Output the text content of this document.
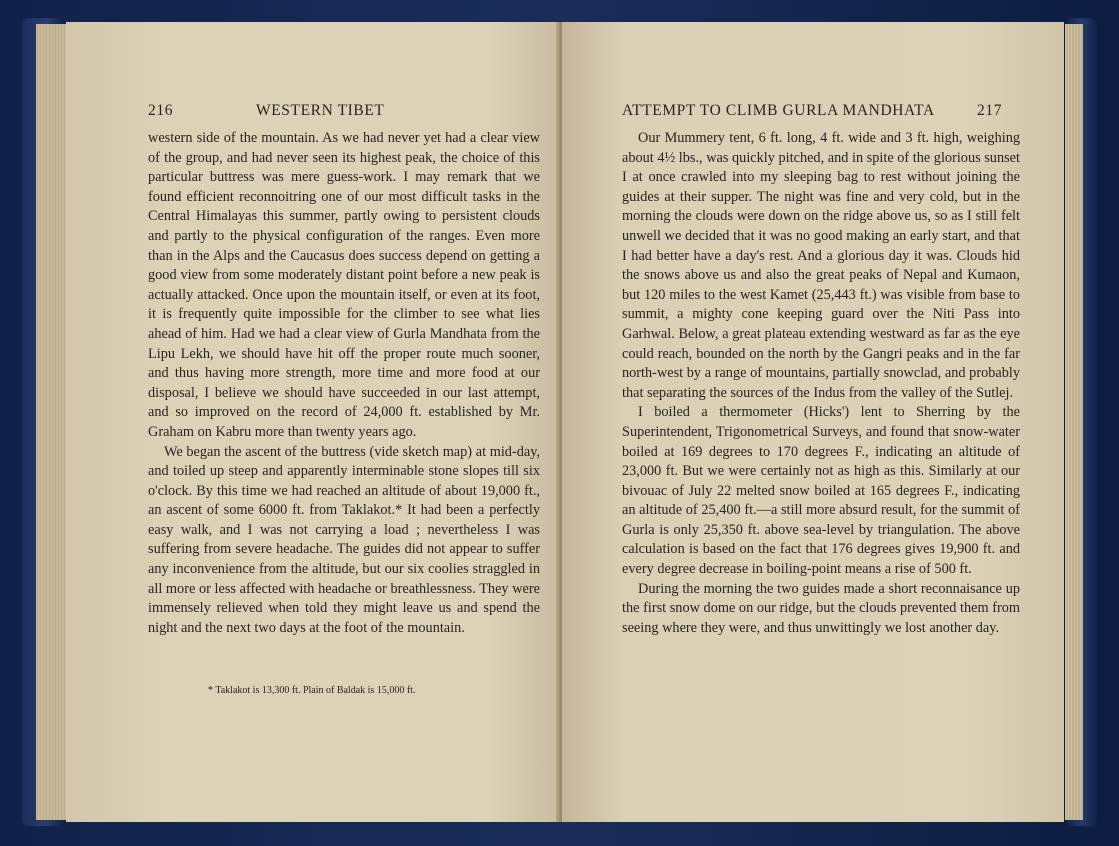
216	WESTERN TIBET

western side of the mountain. As we had never yet had a clear view of the group, and had never seen its highest peak, the choice of this particular buttress was mere guess-work. I may remark that we found efficient reconnoitring one of our most difficult tasks in the Central Himalayas this summer, partly owing to persistent clouds and partly to the physical configuration of the ranges. Even more than in the Alps and the Caucasus does success depend on getting a good view from some moderately distant point before a new peak is actually attacked. Once upon the mountain itself, or even at its foot, it is frequently quite impossible for the climber to see what lies ahead of him. Had we had a clear view of Gurla Mandhata from the Lipu Lekh, we should have hit off the proper route much sooner, and thus having more strength, more time and more food at our disposal, I believe we should have succeeded in our last attempt, and so improved on the record of 24,000 ft. established by Mr. Graham on Kabru more than twenty years ago.

We began the ascent of the buttress (vide sketch map) at mid-day, and toiled up steep and apparently interminable stone slopes till six o'clock. By this time we had reached an altitude of about 19,000 ft., an ascent of some 6000 ft. from Taklakot.* It had been a perfectly easy walk, and I was not carrying a load ; nevertheless I was suffering from severe headache. The guides did not appear to suffer any inconvenience from the altitude, but our six coolies straggled in all more or less affected with headache or breathlessness. They were immensely relieved when told they might leave us and spend the night and the next two days at the foot of the mountain.

* Taklakot is 13,300 ft. Plain of Baldak is 15,000 ft.
ATTEMPT TO CLIMB GURLA MANDHATA	217

Our Mummery tent, 6 ft. long, 4 ft. wide and 3 ft. high, weighing about 4½ lbs., was quickly pitched, and in spite of the glorious sunset I at once crawled into my sleeping bag to rest without joining the guides at their supper. The night was fine and very cold, but in the morning the clouds were down on the ridge above us, so as I still felt unwell we decided that it was no good making an early start, and that I had better have a day's rest. And a glorious day it was. Clouds hid the snows above us and also the great peaks of Nepal and Kumaon, but 120 miles to the west Kamet (25,443 ft.) was visible from base to summit, a mighty cone keeping guard over the Niti Pass into Garhwal. Below, a great plateau extending westward as far as the eye could reach, bounded on the north by the Gangri peaks and in the far north-west by a range of mountains, partially snowclad, and probably that separating the sources of the Indus from the valley of the Sutlej.

I boiled a thermometer (Hicks') lent to Sherring by the Superintendent, Trigonometrical Surveys, and found that snow-water boiled at 169 degrees to 170 degrees F., indicating an altitude of 23,000 ft. But we were certainly not as high as this. Similarly at our bivouac of July 22 melted snow boiled at 165 degrees F., indicating an altitude of 25,400 ft.—a still more absurd result, for the summit of Gurla is only 25,350 ft. above sea-level by triangulation. The above calculation is based on the fact that 176 degrees gives 19,900 ft. and every degree decrease in boiling-point means a rise of 500 ft.

During the morning the two guides made a short reconnaisance up the first snow dome on our ridge, but the clouds prevented them from seeing where they were, and thus unwittingly we lost another day.
